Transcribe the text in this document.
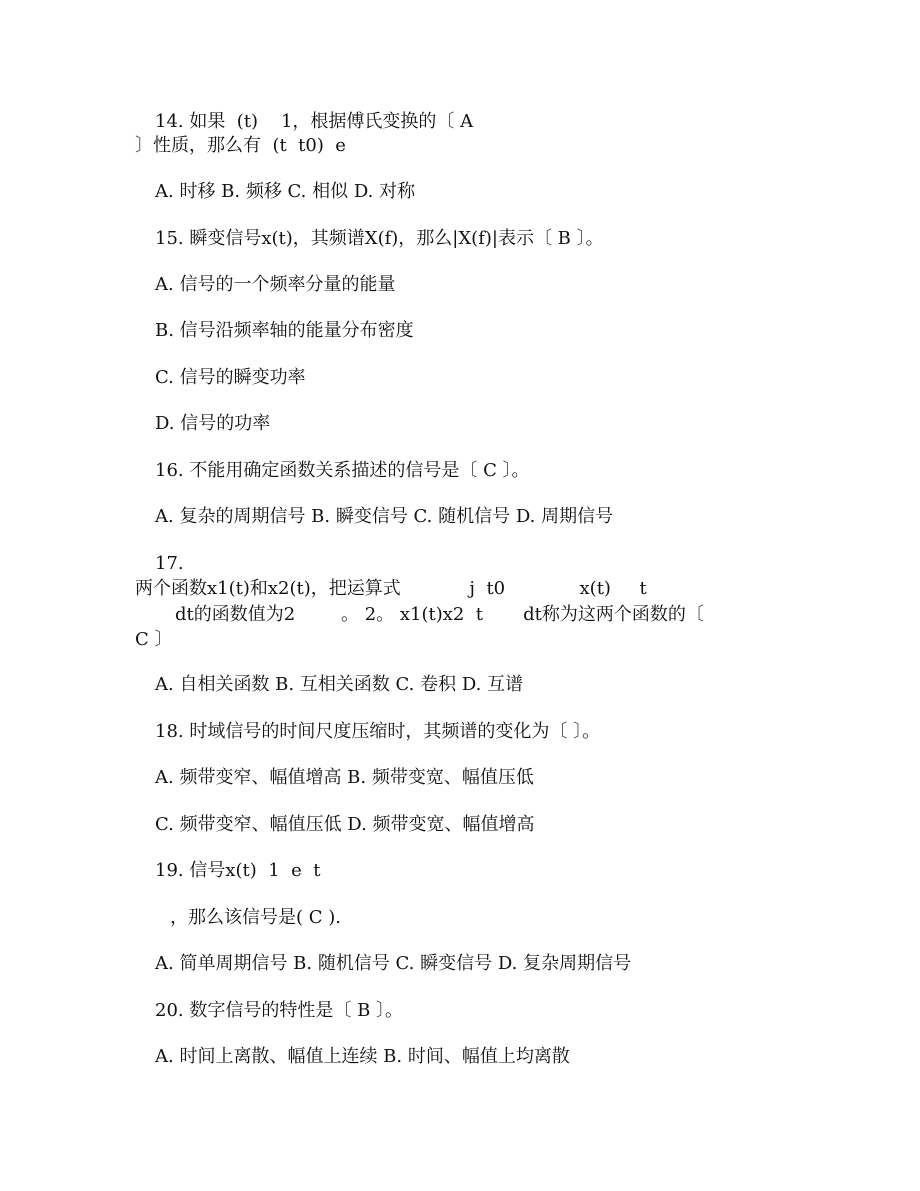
14. 如果  (t)    1，根据傅氏变换的〔 A

〕性质，那么有  (t  t0)  e

A. 时移 B. 频移 C. 相似 D. 对称

15. 瞬变信号x(t)，其频谱X(f)，那么|X(f)|表示〔 B 〕。

A. 信号的一个频率分量的能量

B. 信号沿频率轴的能量分布密度

C. 信号的瞬变功率

D. 信号的功率

16. 不能用确定函数关系描述的信号是〔 C 〕。

A. 复杂的周期信号 B. 瞬变信号 C. 随机信号 D. 周期信号

17.

两个函数x1(t)和x2(t)，把运算式            j  t0             x(t)     t

dt的函数值为2        。 2。 x1(t)x2  t       dt称为这两个函数的〔

C 〕

A. 自相关函数 B. 互相关函数 C. 卷积 D. 互谱

18. 时域信号的时间尺度压缩时，其频谱的变化为〔 〕。

A. 频带变窄、幅值增高 B. 频带变宽、幅值压低

C. 频带变窄、幅值压低 D. 频带变宽、幅值增高

19. 信号x(t)  1  e  t

，那么该信号是( C ).

A. 简单周期信号 B. 随机信号 C. 瞬变信号 D. 复杂周期信号

20. 数字信号的特性是〔 B 〕。

A. 时间上离散、幅值上连续 B. 时间、幅值上均离散
